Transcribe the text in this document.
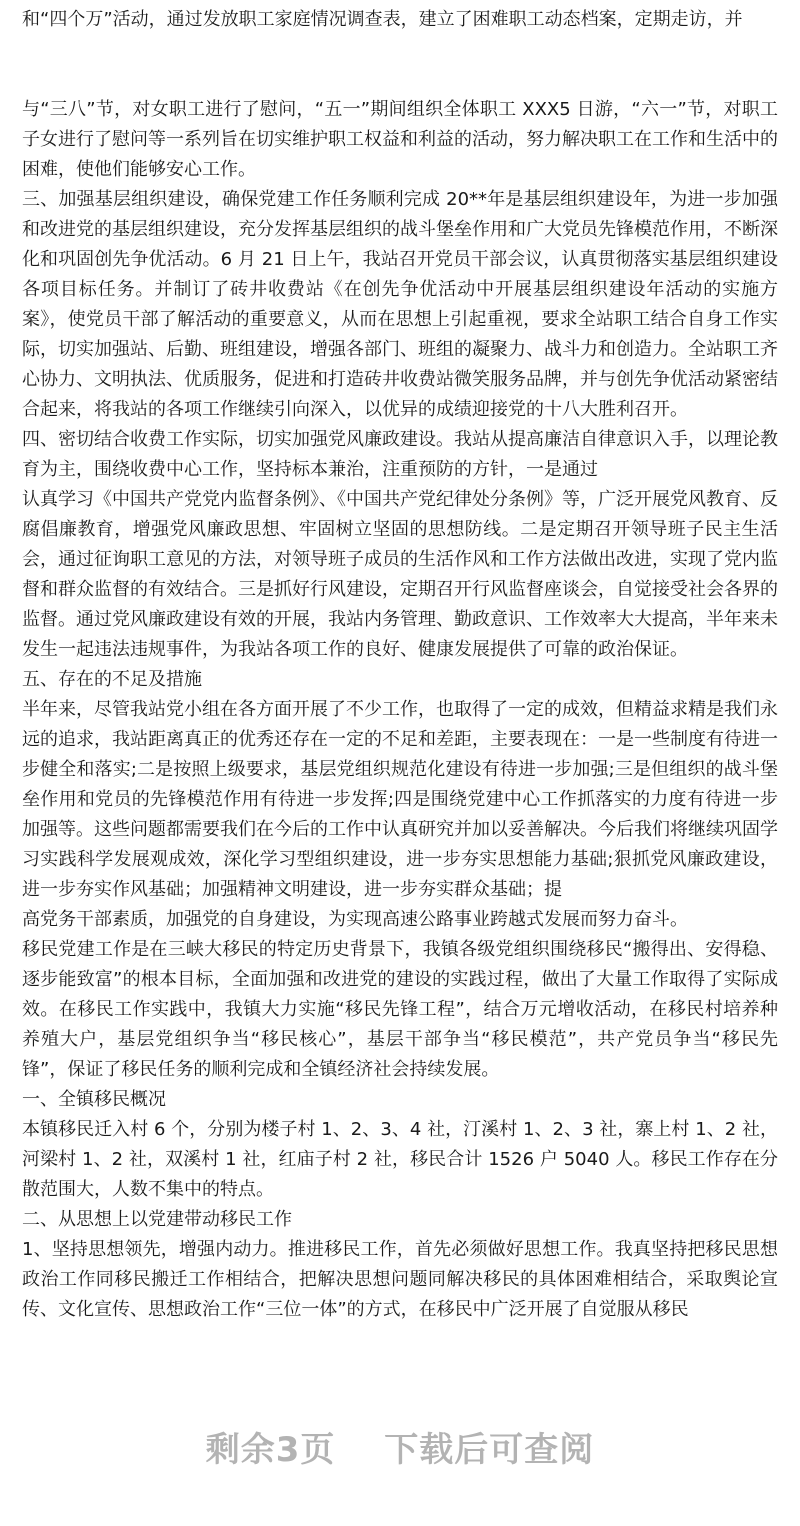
和“四个万”活动，通过发放职工家庭情况调查表，建立了困难职工动态档案，定期走访，并

与“三八”节，对女职工进行了慰问，“五一”期间组织全体职工 XXX5 日游，“六一”节，对职工子女进行了慰问等一系列旨在切实维护职工权益和利益的活动，努力解决职工在工作和生活中的困难，使他们能够安心工作。

三、加强基层组织建设，确保党建工作任务顺利完成 20**年是基层组织建设年，为进一步加强和改进党的基层组织建设，充分发挥基层组织的战斗堡垒作用和广大党员先锋模范作用，不断深化和巩固创先争优活动。6 月 21 日上午，我站召开党员干部会议，认真贯彻落实基层组织建设各项目标任务。并制订了砖井收费站《在创先争优活动中开展基层组织建设年活动的实施方案》，使党员干部了解活动的重要意义，从而在思想上引起重视，要求全站职工结合自身工作实际，切实加强站、后勤、班组建设，增强各部门、班组的凝聚力、战斗力和创造力。全站职工齐心协力、文明执法、优质服务，促进和打造砖井收费站微笑服务品牌，并与创先争优活动紧密结合起来，将我站的各项工作继续引向深入，以优异的成绩迎接党的十八大胜利召开。

四、密切结合收费工作实际，切实加强党风廉政建设。我站从提高廉洁自律意识入手，以理论教育为主，围绕收费中心工作，坚持标本兼治，注重预防的方针，一是通过

认真学习《中国共产党党内监督条例》、《中国共产党纪律处分条例》等，广泛开展党风教育、反腐倡廉教育，增强党风廉政思想、牢固树立坚固的思想防线。二是定期召开领导班子民主生活会，通过征询职工意见的方法，对领导班子成员的生活作风和工作方法做出改进，实现了党内监督和群众监督的有效结合。三是抓好行风建设，定期召开行风监督座谈会，自觉接受社会各界的监督。通过党风廉政建设有效的开展，我站内务管理、勤政意识、工作效率大大提高，半年来未发生一起违法违规事件，为我站各项工作的良好、健康发展提供了可靠的政治保证。

五、存在的不足及措施

半年来，尽管我站党小组在各方面开展了不少工作，也取得了一定的成效，但精益求精是我们永远的追求，我站距离真正的优秀还存在一定的不足和差距，主要表现在：一是一些制度有待进一步健全和落实;二是按照上级要求，基层党组织规范化建设有待进一步加强;三是但组织的战斗堡垒作用和党员的先锋模范作用有待进一步发挥;四是围绕党建中心工作抓落实的力度有待进一步加强等。这些问题都需要我们在今后的工作中认真研究并加以妥善解决。今后我们将继续巩固学习实践科学发展观成效，深化学习型组织建设，进一步夯实思想能力基础;狠抓党风廉政建设，进一步夯实作风基础；加强精神文明建设，进一步夯实群众基础；提

高党务干部素质，加强党的自身建设，为实现高速公路事业跨越式发展而努力奋斗。

移民党建工作是在三峡大移民的特定历史背景下，我镇各级党组织围绕移民“搬得出、安得稳、逐步能致富”的根本目标，全面加强和改进党的建设的实践过程，做出了大量工作取得了实际成效。在移民工作实践中，我镇大力实施“移民先锋工程”，结合万元增收活动，在移民村培养种养殖大户，基层党组织争当“移民核心”，基层干部争当“移民模范”，共产党员争当“移民先锋”，保证了移民任务的顺利完成和全镇经济社会持续发展。

一、全镇移民概况

本镇移民迁入村 6 个，分别为楼子村 1、2、3、4 社，汀溪村 1、2、3 社，寨上村 1、2 社，河梁村 1、2 社，双溪村 1 社，红庙子村 2 社，移民合计 1526 户 5040 人。移民工作存在分散范围大，人数不集中的特点。

二、从思想上以党建带动移民工作

1、坚持思想领先，增强内动力。推进移民工作，首先必须做好思想工作。我真坚持把移民思想政治工作同移民搬迁工作相结合，把解决思想问题同解决移民的具体困难相结合，采取舆论宣传、文化宣传、思想政治工作“三位一体”的方式，在移民中广泛开展了自觉服从移民

剩余3页 下载后可查阅
